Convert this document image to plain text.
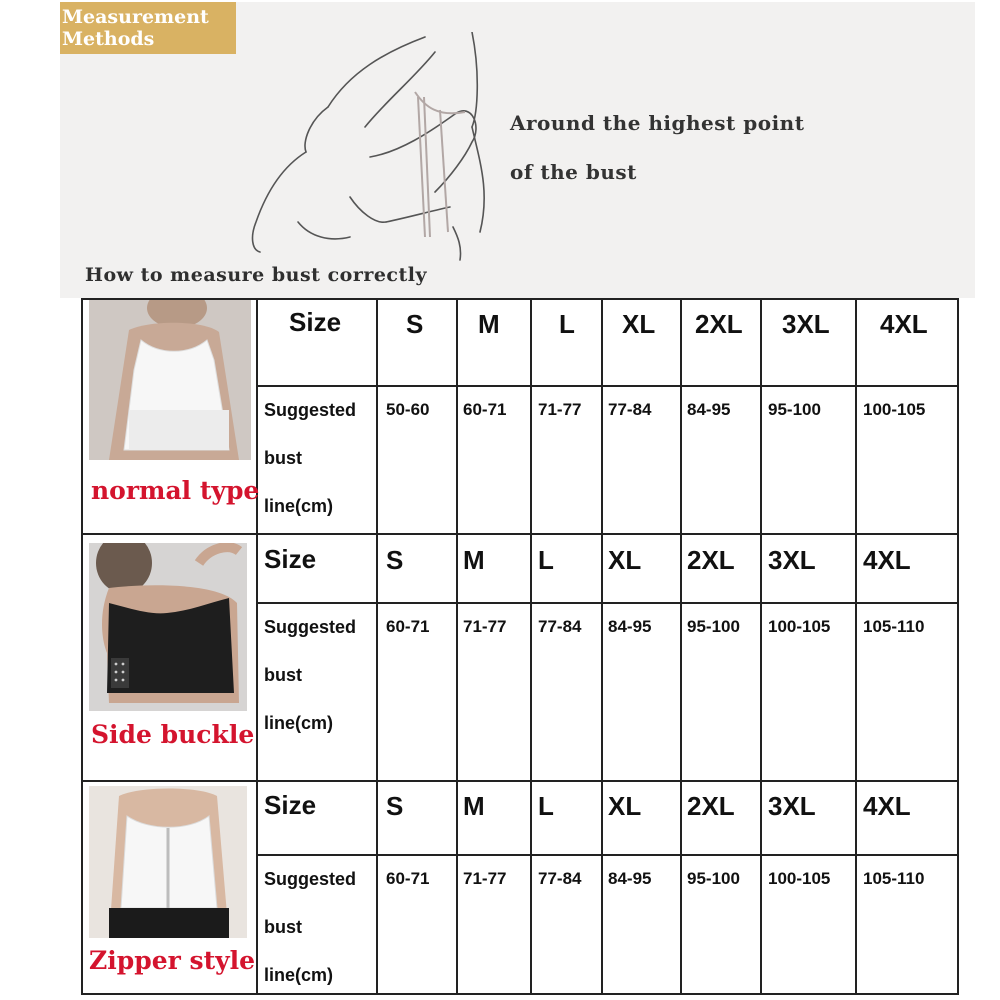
Measurement
Methods
Around the highest point
of the bust
How to measure bust correctly
normal type
Size S M L XL 2XL 3XL 4XL
Suggested
bust
line(cm)
50-60 60-71 71-77 77-84 84-95 95-100 100-105
Side buckle
Size	S M L XL 2XL 3XL 4XL
Suggested
bust
line(cm)
60-71 71-77 77-84 84-95 95-100 100-105 105-110
Zipper style
Size	S M L XL 2XL 3XL 4XL
Suggested
bust
line(cm)
60-71 71-77 77-84 84-95 95-100 100-105 105-110
